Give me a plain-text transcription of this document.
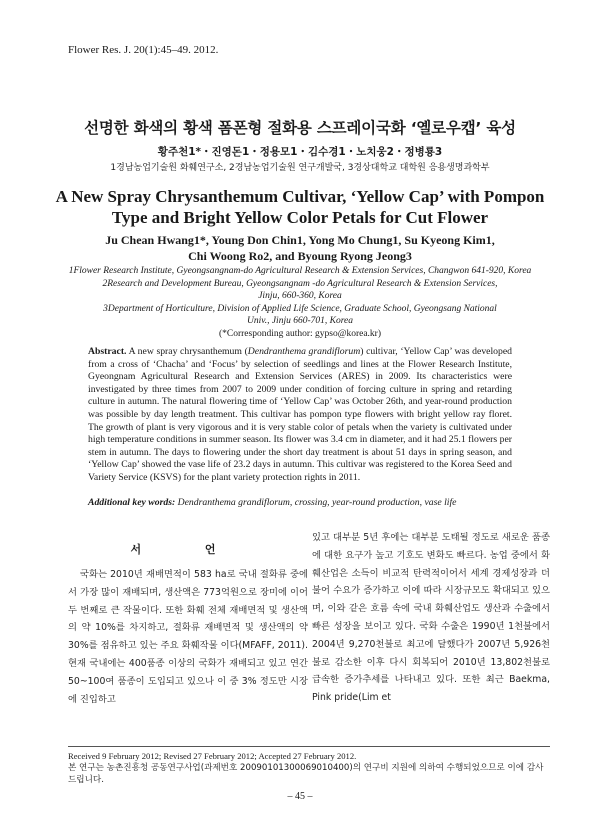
Flower Res. J. 20(1):45–49. 2012.
선명한 화색의 황색 폼폰형 절화용 스프레이국화 ‘옐로우캡’ 육성
황주천1*・진영돈1・정용모1・김수경1・노치웅2・정병룡3
1경남농업기술원 화훼연구소, 2경남농업기술원 연구개발국, 3경상대학교 대학원 응용생명과학부
A New Spray Chrysanthemum Cultivar, ‘Yellow Cap’ with Pompon
Type and Bright Yellow Color Petals for Cut Flower
Ju Chean Hwang1*, Young Don Chin1, Yong Mo Chung1, Su Kyeong Kim1,
Chi Woong Ro2, and Byoung Ryong Jeong3
1Flower Research Institute, Gyeongsangnam-do Agricultural Research & Extension Services, Changwon 641-920, Korea
2Research and Development Bureau, Gyeongsangnam -do Agricultural Research & Extension Services,
Jinju, 660-360, Korea
3Department of Horticulture, Division of Applied Life Science, Graduate School, Gyeongsang National
Univ., Jinju 660-701, Korea
(*Corresponding author: gypso@korea.kr)
Abstract. A new spray chrysanthemum (Dendranthema grandiflorum) cultivar, ‘Yellow Cap’ was developed from a cross of ‘Chacha’ and ‘Focus’ by selection of seedlings and lines at the Flower Research Institute, Gyeongnam Agricultural Research and Extension Services (ARES) in 2009. Its characteristics were investigated by three times from 2007 to 2009 under condition of forcing culture in spring and retarding culture in autumn. The natural flowering time of ‘Yellow Cap’ was October 26th, and year-round production was possible by day length treatment. This cultivar has pompon type flowers with bright yellow ray floret. The growth of plant is very vigorous and it is very stable color of petals when the variety is cultivated under high temperature conditions in summer season. Its flower was 3.4 cm in diameter, and it had 25.1 flowers per stem in autumn. The days to flowering under the short day treatment is about 51 days in spring season, and ‘Yellow Cap’ showed the vase life of 23.2 days in autumn. This cultivar was registered to the Korea Seed and Variety Service (KSVS) for the plant variety protection rights in 2011.
Additional key words: Dendranthema grandiflorum, crossing, year-round production, vase life
서 언
국화는 2010년 재배면적이 583 ha로 국내 절화류 중에서 가장 많이 재배되며, 생산액은 773억원으로 장미에 이어 두 번째로 큰 작물이다. 또한 화훼 전체 재배면적 및 생산액의 약 10%를 차지하고, 절화류 재배면적 및 생산액의 약 30%를 점유하고 있는 주요 화훼작물 이다(MFAFF, 2011). 현재 국내에는 400품종 이상의 국화가 재배되고 있고 연간 50~100여 품종이 도입되고 있으나 이 중 3% 정도만 시장에 진입하고
있고 대부분 5년 후에는 대부분 도태될 정도로 새로운 품종에 대한 요구가 높고 기호도 변화도 빠르다. 농업 중에서 화훼산업은 소득이 비교적 탄력적이어서 세계 경제성장과 더불어 수요가 증가하고 이에 따라 시장규모도 확대되고 있으며, 이와 같은 흐름 속에 국내 화훼산업도 생산과 수출에서 빠른 성장을 보이고 있다. 국화 수출은 1990년 1천불에서 2004년 9,270천불로 최고에 달했다가 2007년 5,926천불로 감소한 이후 다시 회복되어 2010년 13,802천불로 급속한 증가추세를 나타내고 있다. 또한 최근 Baekma, Pink pride(Lim et
Received 9 February 2012; Revised 27 February 2012; Accepted 27 February 2012.
본 연구는 농촌진흥청 공동연구사업(과제번호 20090101300069010400)의 연구비 지원에 의하여 수행되었으므로 이에 감사드립니다.
– 45 –
